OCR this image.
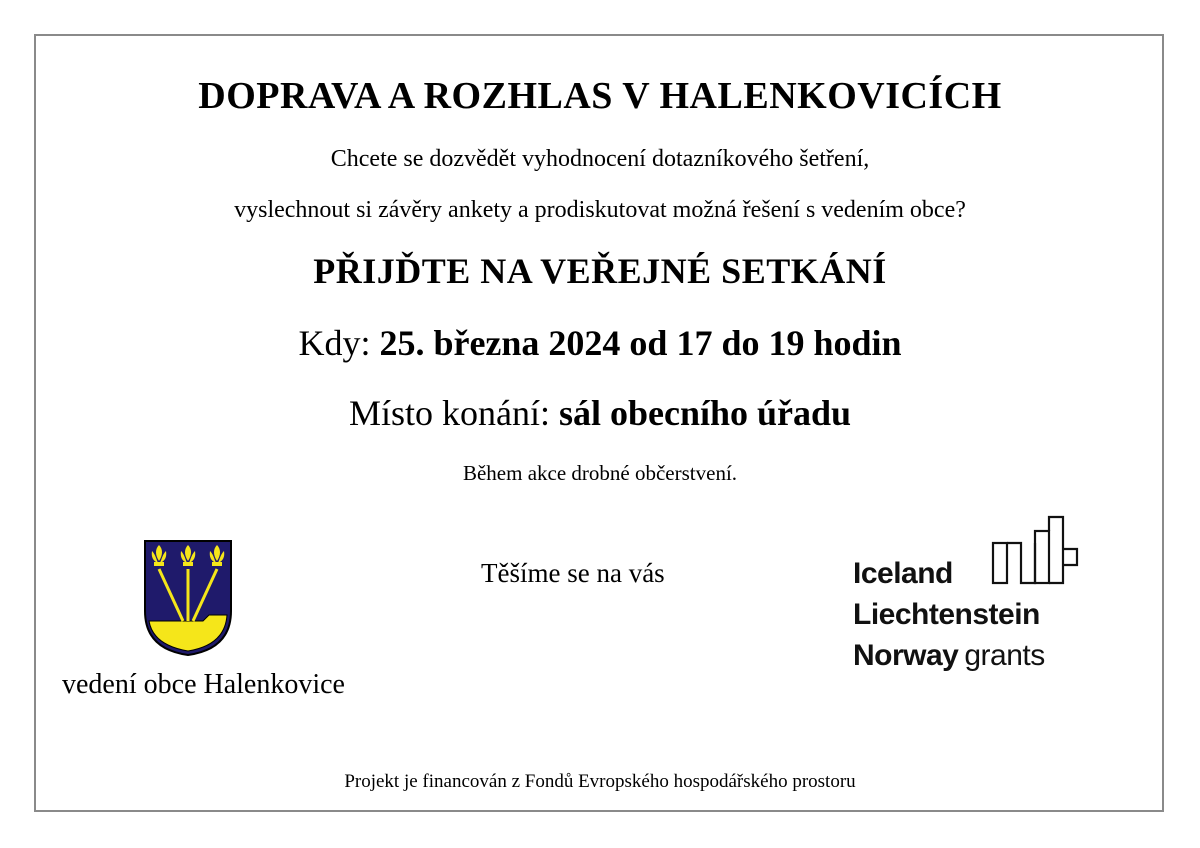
DOPRAVA A ROZHLAS V HALENKOVICÍCH
Chcete se dozvědět vyhodnocení dotazníkového šetření,
vyslechnout si závěry ankety a prodiskutovat možná řešení s vedením obce?
PŘIJĎTE NA VEŘEJNÉ SETKÁNÍ
Kdy: 25. března 2024 od 17 do 19 hodin
Místo konání: sál obecního úřadu
Během akce drobné občerstvení.
Těšíme se na vás
vedení obce Halenkovice
Iceland
Liechtenstein
Norway grants
Projekt je financován z Fondů Evropského hospodářského prostoru
